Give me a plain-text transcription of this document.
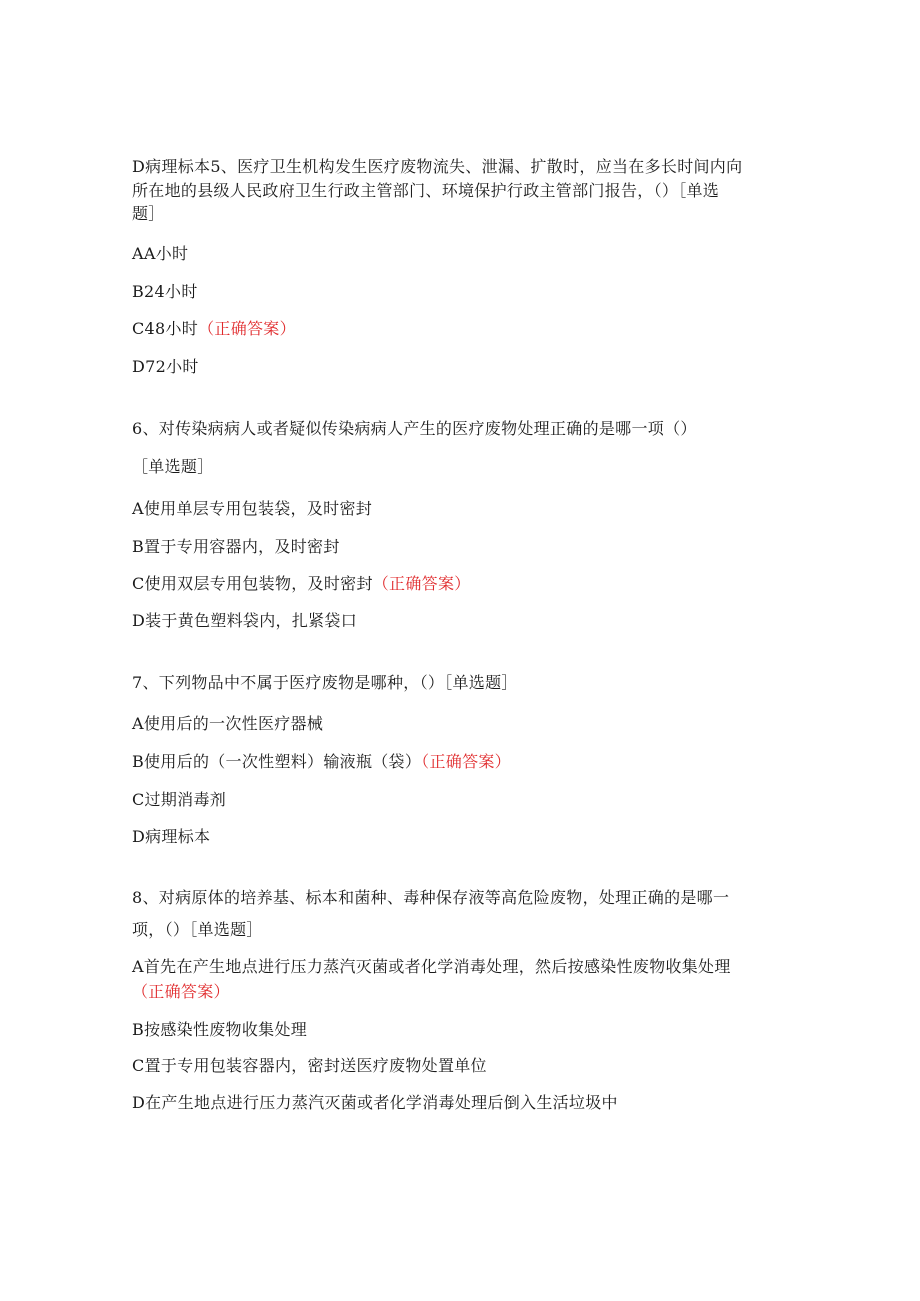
D病理标本5、医疗卫生机构发生医疗废物流失、泄漏、扩散时，应当在多长时间内向
所在地的县级人民政府卫生行政主管部门、环境保护行政主管部门报告，（）［单选
题］
AA小时
B24小时
C48小时（正确答案）
D72小时
6、对传染病病人或者疑似传染病病人产生的医疗废物处理正确的是哪一项（）
［单选题］
A使用单层专用包装袋，及时密封
B置于专用容器内，及时密封
C使用双层专用包装物，及时密封（正确答案）
D装于黄色塑料袋内，扎紧袋口
7、下列物品中不属于医疗废物是哪种，（）［单选题］
A使用后的一次性医疗器械
B使用后的（一次性塑料）输液瓶（袋）（正确答案）
C过期消毒剂
D病理标本
8、对病原体的培养基、标本和菌种、毒种保存液等高危险废物，处理正确的是哪一
项，（）［单选题］
A首先在产生地点进行压力蒸汽灭菌或者化学消毒处理，然后按感染性废物收集处理
（正确答案）
B按感染性废物收集处理
C置于专用包装容器内，密封送医疗废物处置单位
D在产生地点进行压力蒸汽灭菌或者化学消毒处理后倒入生活垃圾中
